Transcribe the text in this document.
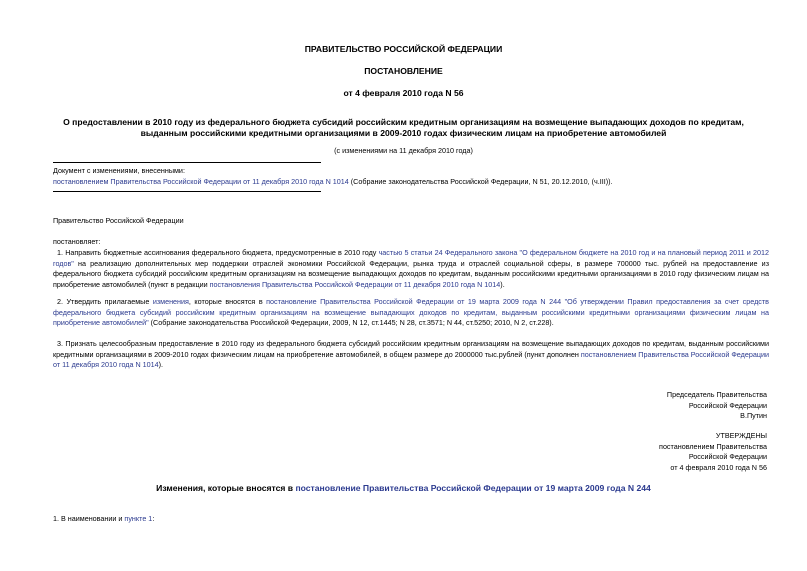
ПРАВИТЕЛЬСТВО РОССИЙСКОЙ ФЕДЕРАЦИИ
ПОСТАНОВЛЕНИЕ
от 4 февраля 2010 года N 56
О предоставлении в 2010 году из федерального бюджета субсидий российским кредитным организациям на возмещение выпадающих доходов по кредитам,
выданным российскими кредитными организациями в 2009-2010 годах физическим лицам на приобретение автомобилей
(с изменениями на 11 декабря 2010 года)
Документ с изменениями, внесенными:
постановлением Правительства Российской Федерации от 11 декабря 2010 года N 1014 (Собрание законодательства Российской Федерации, N 51, 20.12.2010, (ч.III)).
Правительство Российской Федерации
постановляет:
1. Направить бюджетные ассигнования федерального бюджета, предусмотренные в 2010 году частью 5 статьи 24 Федерального закона "О федеральном бюджете на 2010 год и на плановый период 2011 и 2012 годов" на реализацию дополнительных мер поддержки отраслей экономики Российской Федерации, рынка труда и отраслей социальной сферы, в размере 700000 тыс. рублей на предоставление из федерального бюджета субсидий российским кредитным организациям на возмещение выпадающих доходов по кредитам, выданным российскими кредитными организациями в 2010 году физическим лицам на приобретение автомобилей (пункт в редакции постановления Правительства Российской Федерации от 11 декабря 2010 года N 1014).
2. Утвердить прилагаемые изменения, которые вносятся в постановление Правительства Российской Федерации от 19 марта 2009 года N 244 "Об утверждении Правил предоставления за счет средств федерального бюджета субсидий российским кредитным организациям на возмещение выпадающих доходов по кредитам, выданным российскими кредитными организациями физическим лицам на приобретение автомобилей" (Собрание законодательства Российской Федерации, 2009, N 12, ст.1445; N 28, ст.3571; N 44, ст.5250; 2010, N 2, ст.228).
3. Признать целесообразным предоставление в 2010 году из федерального бюджета субсидий российским кредитным организациям на возмещение выпадающих доходов по кредитам, выданным российскими кредитными организациями в 2009-2010 годах физическим лицам на приобретение автомобилей, в общем размере до 2000000 тыс.рублей (пункт дополнен постановлением Правительства Российской Федерации от 11 декабря 2010 года N 1014).
Председатель Правительства
Российской Федерации
В.Путин
УТВЕРЖДЕНЫ
постановлением Правительства
Российской Федерации
от 4 февраля 2010 года N 56
Изменения, которые вносятся в постановление Правительства Российской Федерации от 19 марта 2009 года N 244
1. В наименовании и пункте 1:
